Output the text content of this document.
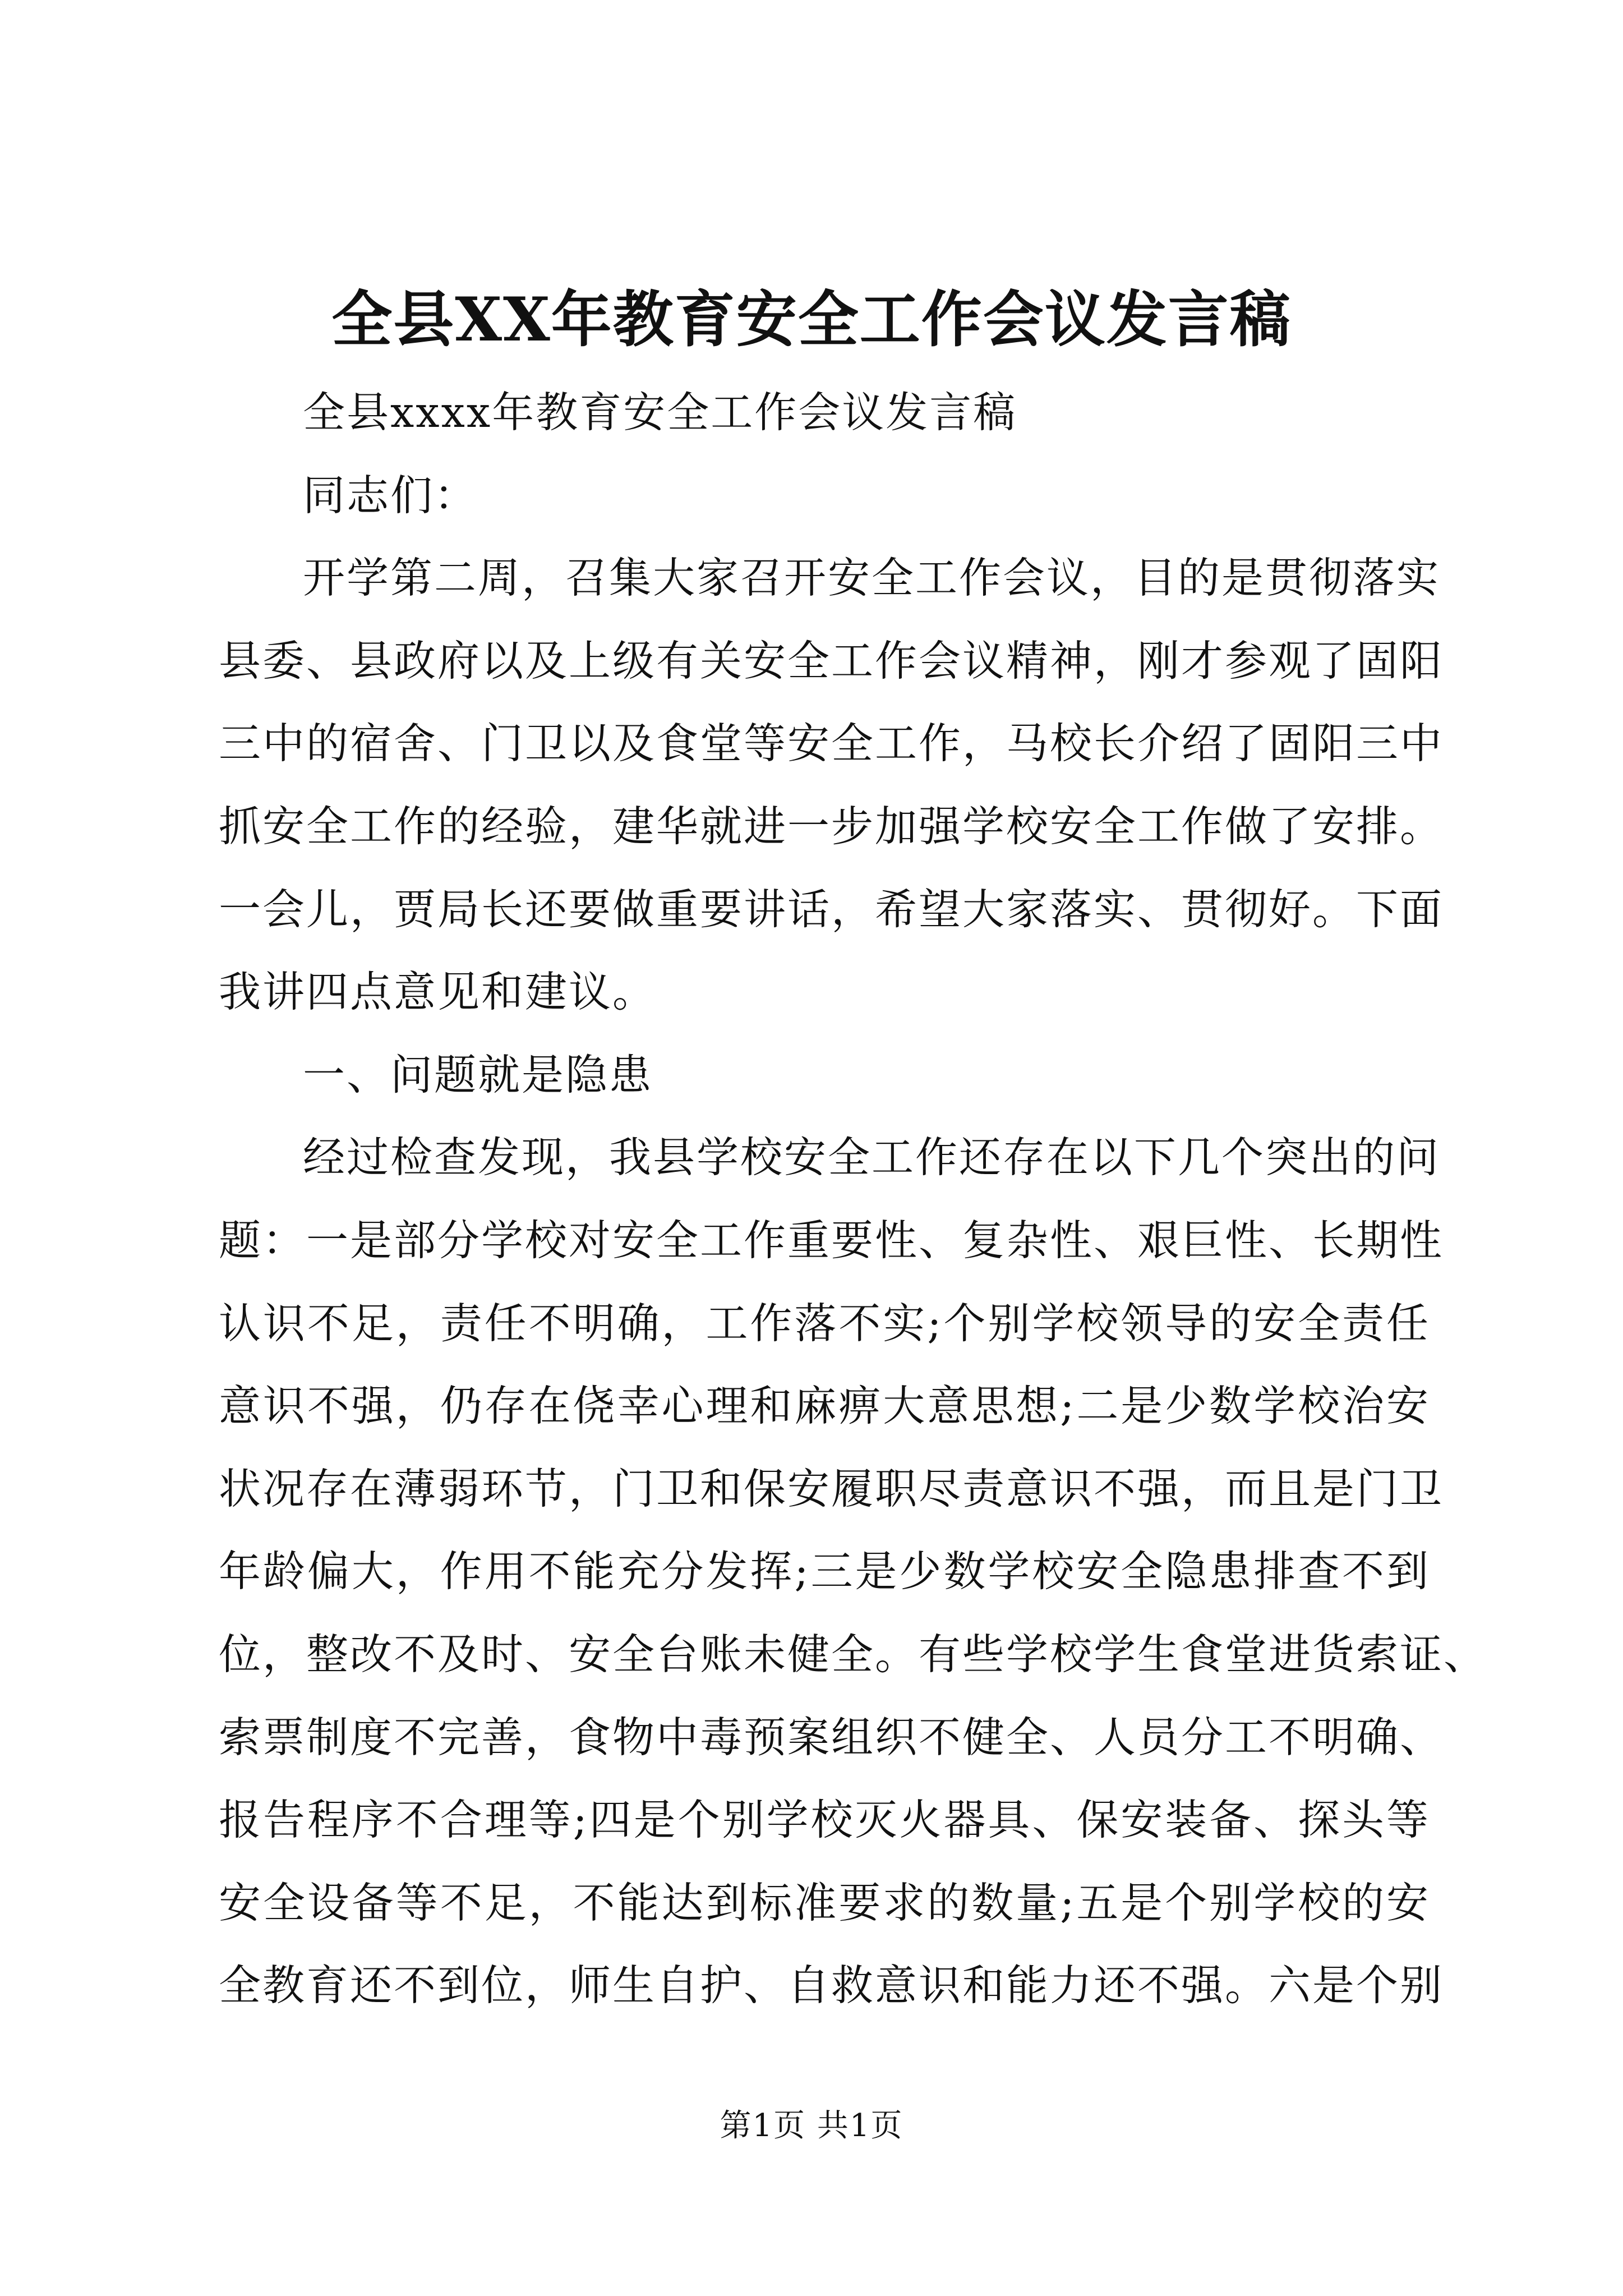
全县XX年教育安全工作会议发言稿
全县xxxx年教育安全工作会议发言稿
同志们：
开学第二周，召集大家召开安全工作会议，目的是贯彻落实
县委、县政府以及上级有关安全工作会议精神，刚才参观了固阳
三中的宿舍、门卫以及食堂等安全工作，马校长介绍了固阳三中
抓安全工作的经验，建华就进一步加强学校安全工作做了安排。
一会儿，贾局长还要做重要讲话，希望大家落实、贯彻好。下面
我讲四点意见和建议。
一、问题就是隐患
经过检查发现，我县学校安全工作还存在以下几个突出的问
题：一是部分学校对安全工作重要性、复杂性、艰巨性、长期性
认识不足，责任不明确，工作落不实;个别学校领导的安全责任
意识不强，仍存在侥幸心理和麻痹大意思想;二是少数学校治安
状况存在薄弱环节，门卫和保安履职尽责意识不强，而且是门卫
年龄偏大，作用不能充分发挥;三是少数学校安全隐患排查不到
位，整改不及时、安全台账未健全。有些学校学生食堂进货索证、
索票制度不完善，食物中毒预案组织不健全、人员分工不明确、
报告程序不合理等;四是个别学校灭火器具、保安装备、探头等
安全设备等不足，不能达到标准要求的数量;五是个别学校的安
全教育还不到位，师生自护、自救意识和能力还不强。六是个别
第1页 共1页
